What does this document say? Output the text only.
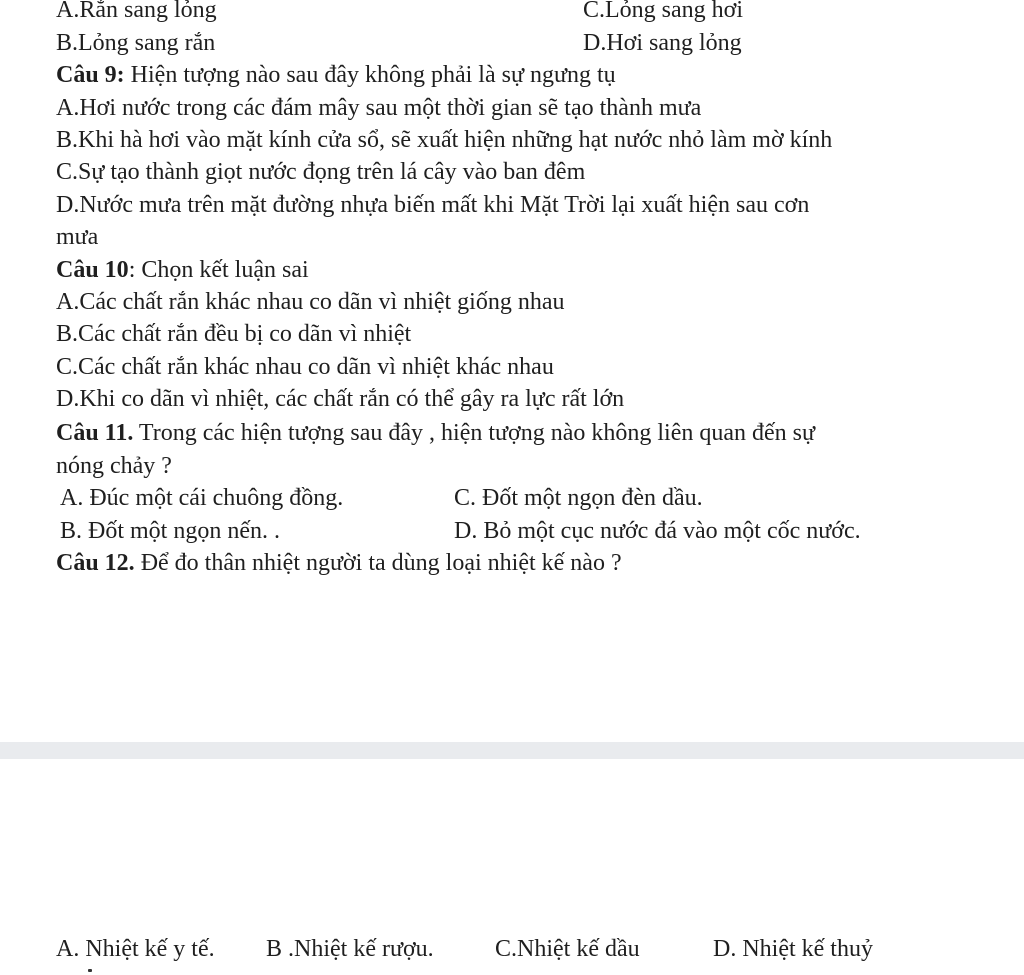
A.Rắn sang lỏng	C.Lỏng sang hơi
B.Lỏng sang rắn	D.Hơi sang lỏng
Câu 9: Hiện tượng nào sau đây không phải là sự ngưng tụ
A.Hơi nước trong các đám mây sau một thời gian sẽ tạo thành mưa
B.Khi hà hơi vào mặt kính cửa sổ, sẽ xuất hiện những hạt nước nhỏ làm mờ kính
C.Sự tạo thành giọt nước đọng trên lá cây vào ban đêm
D.Nước mưa trên mặt đường nhựa biến mất khi Mặt Trời lại xuất hiện sau cơn
mưa
Câu 10: Chọn kết luận sai
A.Các chất rắn khác nhau co dãn vì nhiệt giống nhau
B.Các chất rắn đều bị co dãn vì nhiệt
C.Các chất rắn khác nhau co dãn vì nhiệt khác nhau
D.Khi co dãn vì nhiệt, các chất rắn có thể gây ra lực rất lớn
Câu 11. Trong các hiện tượng sau đây , hiện tượng nào không liên quan đến sự
nóng chảy ?
A. Đúc một cái chuông đồng.	C. Đốt một ngọn đèn dầu.
B. Đốt một ngọn nến. .	D. Bỏ một cục nước đá vào một cốc nước.
Câu 12. Để đo thân nhiệt người ta dùng loại nhiệt kế nào ?
A. Nhiệt kế y tế. B .Nhiệt kế rượu.	C.Nhiệt kế dầu	D. Nhiệt kế thuỷ
